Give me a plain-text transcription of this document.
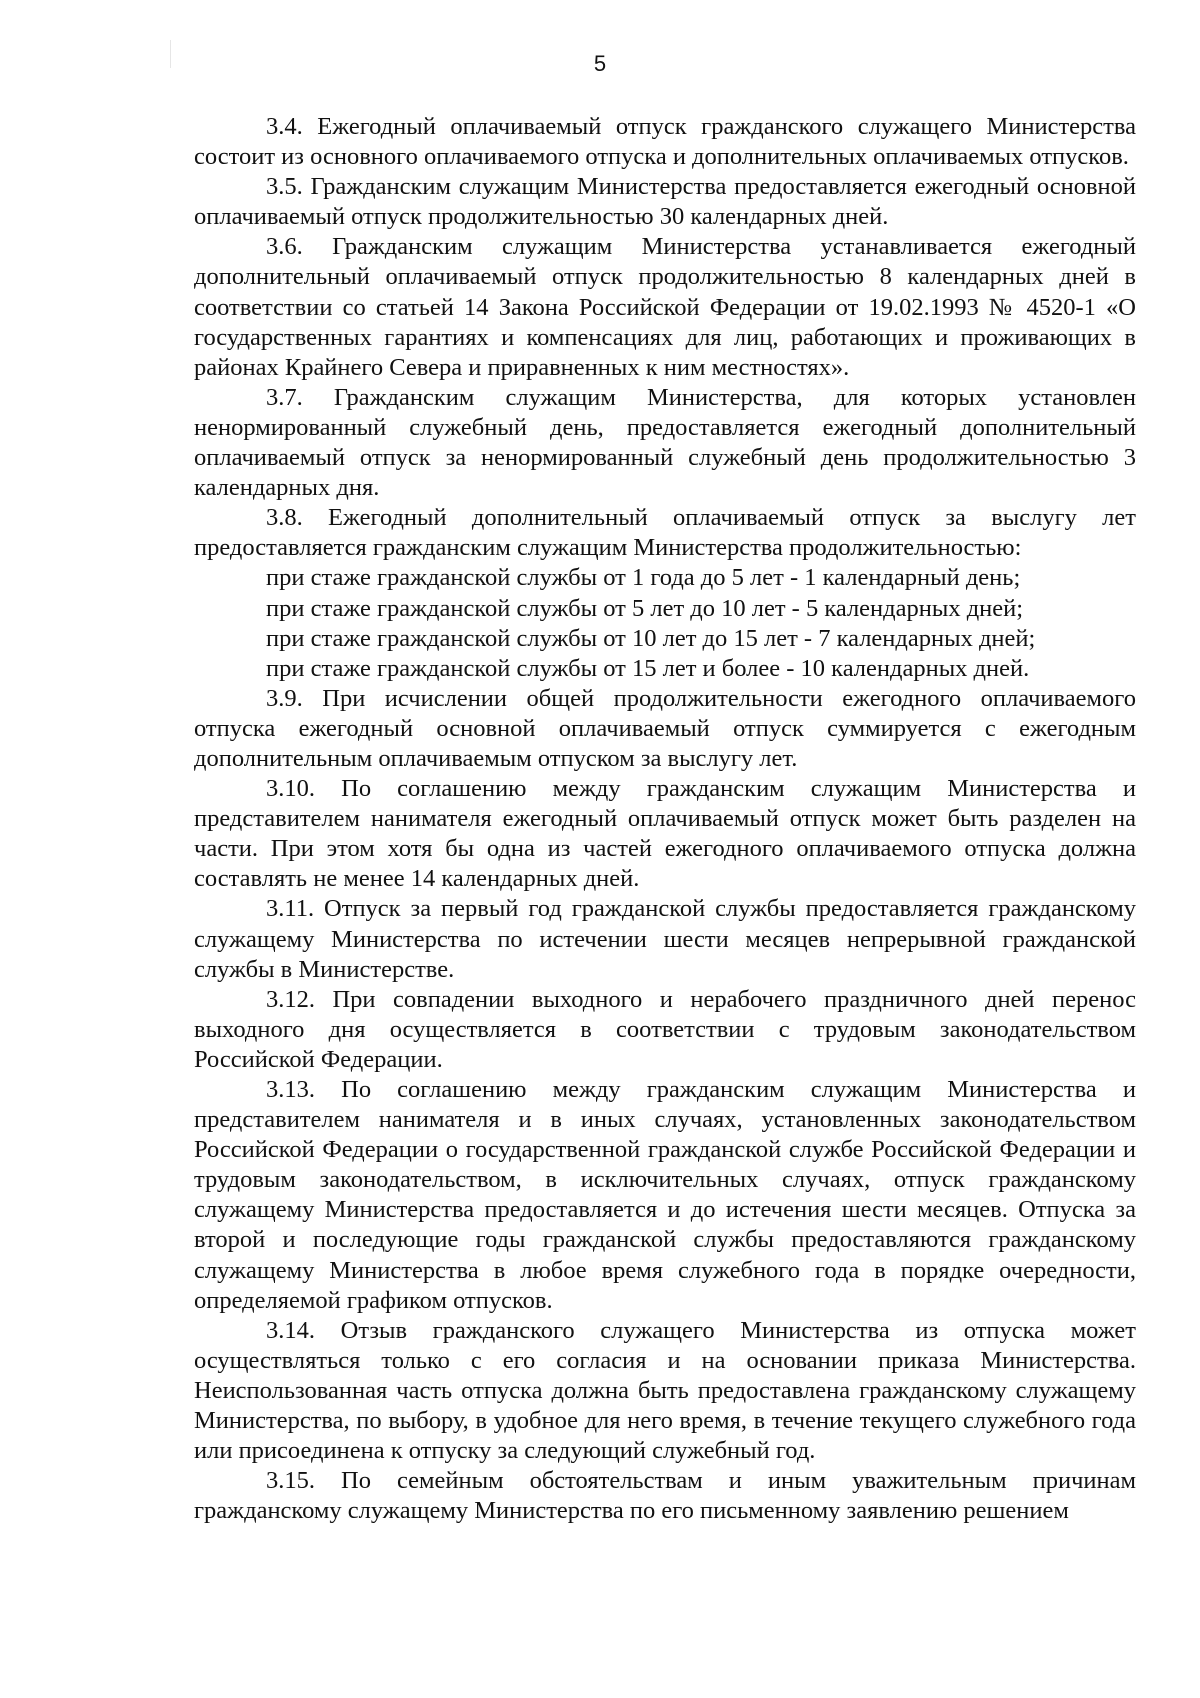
5

3.4. Ежегодный оплачиваемый отпуск гражданского служащего Министерства состоит из основного оплачиваемого отпуска и дополнительных оплачиваемых отпусков.

3.5. Гражданским служащим Министерства предоставляется ежегодный основной оплачиваемый отпуск продолжительностью 30 календарных дней.

3.6. Гражданским служащим Министерства устанавливается ежегодный дополнительный оплачиваемый отпуск продолжительностью 8 календарных дней в соответствии со статьей 14 Закона Российской Федерации от 19.02.1993 № 4520-1 «О государственных гарантиях и компенсациях для лиц, работающих и проживающих в районах Крайнего Севера и приравненных к ним местностях».

3.7. Гражданским служащим Министерства, для которых установлен ненормированный служебный день, предоставляется ежегодный дополнительный оплачиваемый отпуск за ненормированный служебный день продолжительностью 3 календарных дня.

3.8. Ежегодный дополнительный оплачиваемый отпуск за выслугу лет предоставляется гражданским служащим Министерства продолжительностью:

при стаже гражданской службы от 1 года до 5 лет - 1 календарный день;

при стаже гражданской службы от 5 лет до 10 лет - 5 календарных дней;

при стаже гражданской службы от 10 лет до 15 лет - 7 календарных дней;

при стаже гражданской службы от 15 лет и более - 10 календарных дней.

3.9. При исчислении общей продолжительности ежегодного оплачиваемого отпуска ежегодный основной оплачиваемый отпуск суммируется с ежегодным дополнительным оплачиваемым отпуском за выслугу лет.

3.10. По соглашению между гражданским служащим Министерства и представителем нанимателя ежегодный оплачиваемый отпуск может быть разделен на части. При этом хотя бы одна из частей ежегодного оплачиваемого отпуска должна составлять не менее 14 календарных дней.

3.11. Отпуск за первый год гражданской службы предоставляется гражданскому служащему Министерства по истечении шести месяцев непрерывной гражданской службы в Министерстве.

3.12. При совпадении выходного и нерабочего праздничного дней перенос выходного дня осуществляется в соответствии с трудовым законодательством Российской Федерации.

3.13. По соглашению между гражданским служащим Министерства и представителем нанимателя и в иных случаях, установленных законодательством Российской Федерации о государственной гражданской службе Российской Федерации и трудовым законодательством, в исключительных случаях, отпуск гражданскому служащему Министерства предоставляется и до истечения шести месяцев. Отпуска за второй и последующие годы гражданской службы предоставляются гражданскому служащему Министерства в любое время служебного года в порядке очередности, определяемой графиком отпусков.

3.14. Отзыв гражданского служащего Министерства из отпуска может осуществляться только с его согласия и на основании приказа Министерства. Неиспользованная часть отпуска должна быть предоставлена гражданскому служащему Министерства, по выбору, в удобное для него время, в течение текущего служебного года или присоединена к отпуску за следующий служебный год.

3.15. По семейным обстоятельствам и иным уважительным причинам гражданскому служащему Министерства по его письменному заявлению решением
